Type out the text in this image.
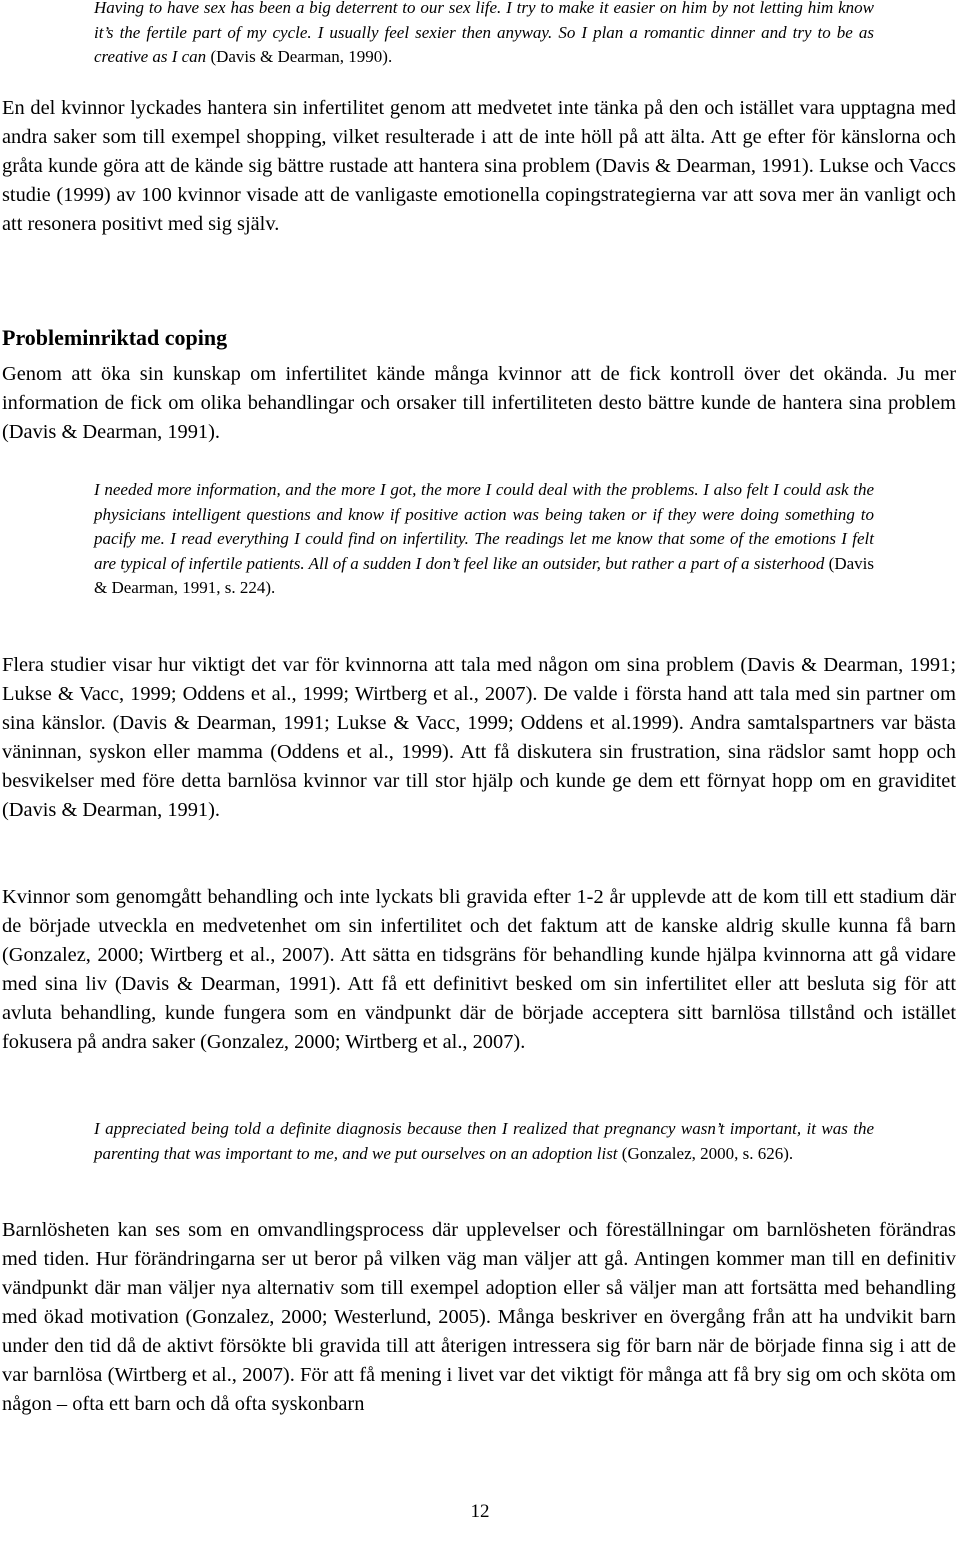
Having to have sex has been a big deterrent to our sex life. I try to make it easier on him by not letting him know it’s the fertile part of my cycle. I usually feel sexier then anyway. So I plan a romantic dinner and try to be as creative as I can (Davis & Dearman, 1990).

En del kvinnor lyckades hantera sin infertilitet genom att medvetet inte tänka på den och istället vara upptagna med andra saker som till exempel shopping, vilket resulterade i att de inte höll på att älta. Att ge efter för känslorna och gråta kunde göra att de kände sig bättre rustade att hantera sina problem (Davis & Dearman, 1991). Lukse och Vaccs studie (1999) av 100 kvinnor visade att de vanligaste emotionella copingstrategierna var att sova mer än vanligt och att resonera positivt med sig själv.

Probleminriktad coping

Genom att öka sin kunskap om infertilitet kände många kvinnor att de fick kontroll över det okända. Ju mer information de fick om olika behandlingar och orsaker till infertiliteten desto bättre kunde de hantera sina problem (Davis & Dearman, 1991).

I needed more information, and the more I got, the more I could deal with the problems. I also felt I could ask the physicians intelligent questions and know if positive action was being taken or if they were doing something to pacify me. I read everything I could find on infertility. The readings let me know that some of the emotions I felt are typical of infertile patients. All of a sudden I don’t feel like an outsider, but rather a part of a sisterhood (Davis & Dearman, 1991, s. 224).

Flera studier visar hur viktigt det var för kvinnorna att tala med någon om sina problem (Davis & Dearman, 1991; Lukse & Vacc, 1999; Oddens et al., 1999; Wirtberg et al., 2007). De valde i första hand att tala med sin partner om sina känslor. (Davis & Dearman, 1991; Lukse & Vacc, 1999; Oddens et al.1999). Andra samtalspartners var bästa väninnan, syskon eller mamma (Oddens et al., 1999). Att få diskutera sin frustration, sina rädslor samt hopp och besvikelser med före detta barnlösa kvinnor var till stor hjälp och kunde ge dem ett förnyat hopp om en graviditet (Davis & Dearman, 1991).

Kvinnor som genomgått behandling och inte lyckats bli gravida efter 1-2 år upplevde att de kom till ett stadium där de började utveckla en medvetenhet om sin infertilitet och det faktum att de kanske aldrig skulle kunna få barn (Gonzalez, 2000; Wirtberg et al., 2007). Att sätta en tidsgräns för behandling kunde hjälpa kvinnorna att gå vidare med sina liv (Davis & Dearman, 1991). Att få ett definitivt besked om sin infertilitet eller att besluta sig för att avluta behandling, kunde fungera som en vändpunkt där de började acceptera sitt barnlösa tillstånd och istället fokusera på andra saker (Gonzalez, 2000; Wirtberg et al., 2007).

I appreciated being told a definite diagnosis because then I realized that pregnancy wasn’t important, it was the parenting that was important to me, and we put ourselves on an adoption list (Gonzalez, 2000, s. 626).

Barnlösheten kan ses som en omvandlingsprocess där upplevelser och föreställningar om barnlösheten förändras med tiden. Hur förändringarna ser ut beror på vilken väg man väljer att gå. Antingen kommer man till en definitiv vändpunkt där man väljer nya alternativ som till exempel adoption eller så väljer man att fortsätta med behandling med ökad motivation (Gonzalez, 2000; Westerlund, 2005). Många beskriver en övergång från att ha undvikit barn under den tid då de aktivt försökte bli gravida till att återigen intressera sig för barn när de började finna sig i att de var barnlösa (Wirtberg et al., 2007). För att få mening i livet var det viktigt för många att få bry sig om och sköta om någon – ofta ett barn och då ofta syskonbarn

12
